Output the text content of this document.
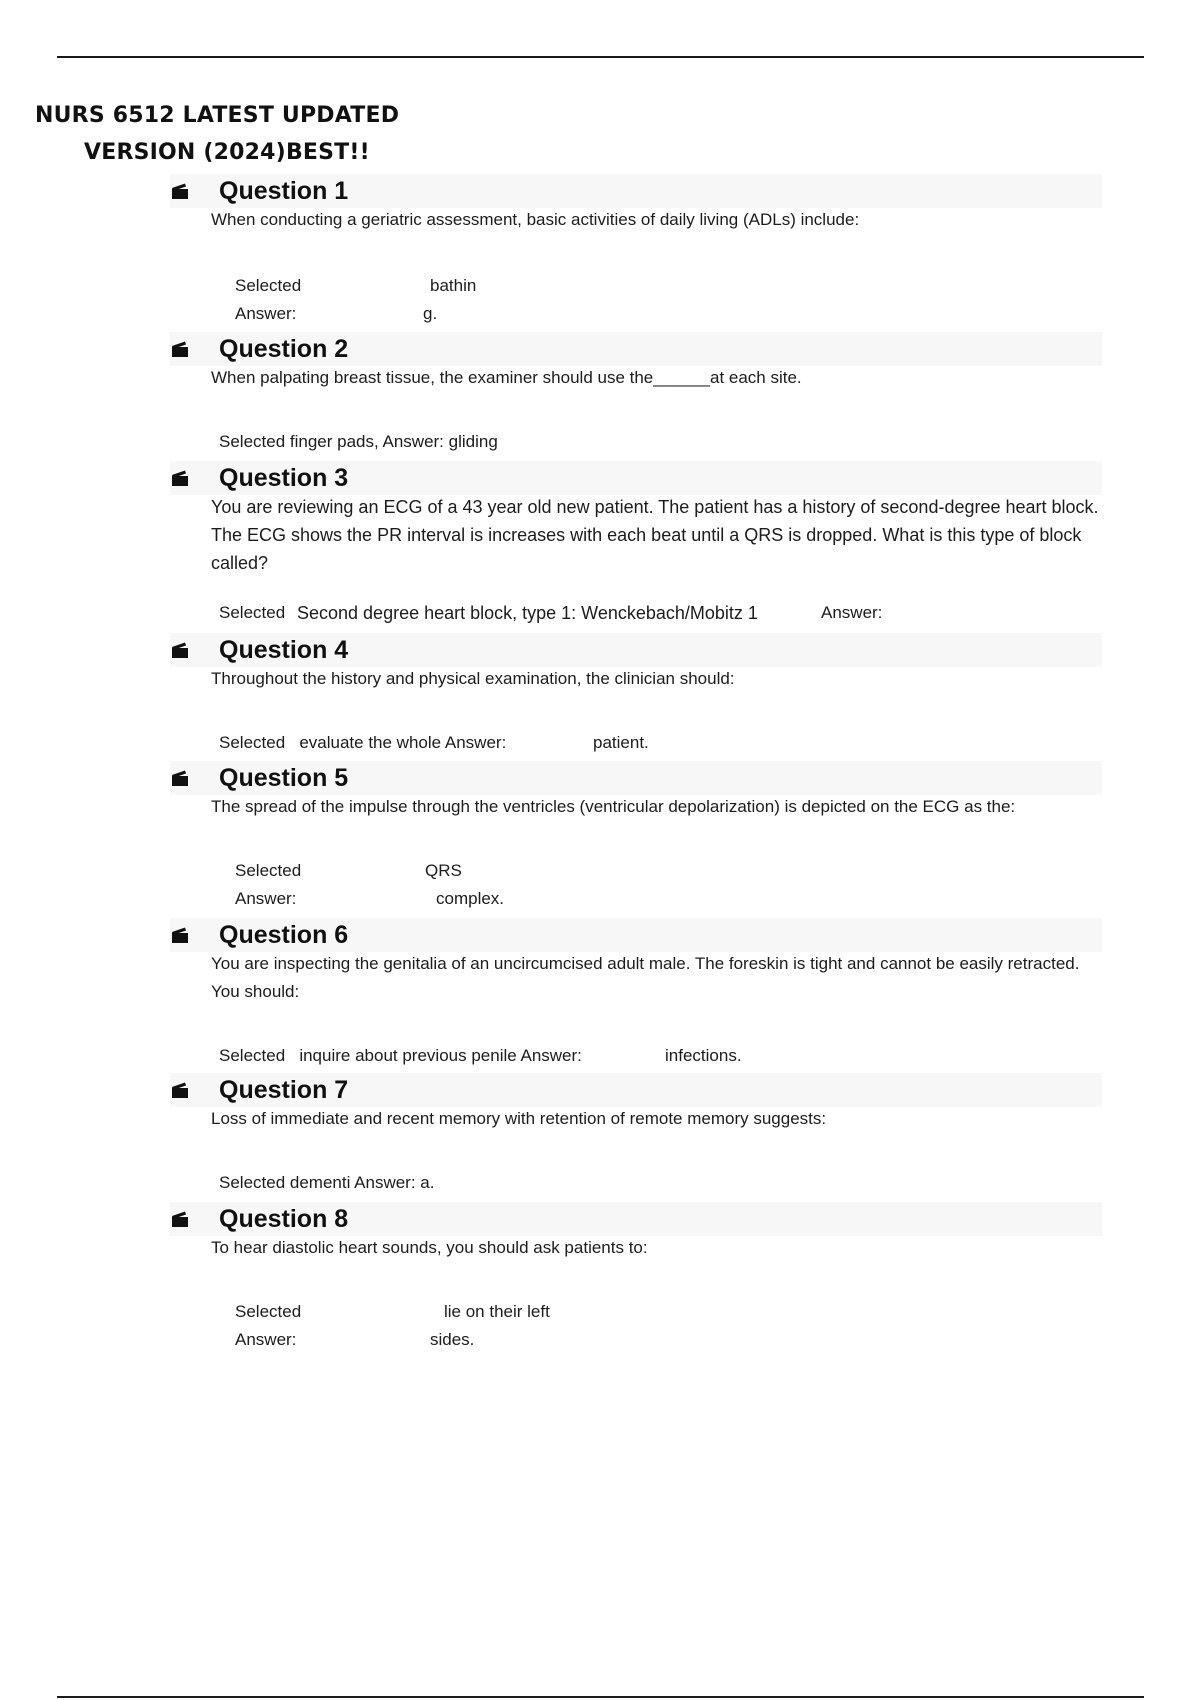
NURS 6512 LATEST UPDATED
VERSION (2024)BEST!!
Question 1
When conducting a geriatric assessment, basic activities of daily living (ADLs) include:
Selected	bathin
Answer:	g.
Question 2
When palpating breast tissue, the examiner should use the______at each site.
Selected finger pads, Answer: gliding
Question 3
You are reviewing an ECG of a 43 year old new patient. The patient has a history of second-degree heart block. The ECG shows the PR interval is increases with each beat until a QRS is dropped. What is this type of block called?
Selected Second degree heart block, type 1: Wenckebach/Mobitz 1	Answer:
Question 4
Throughout the history and physical examination, the clinician should:
Selected   evaluate the whole Answer:	patient.
Question 5
The spread of the impulse through the ventricles (ventricular depolarization) is depicted on the ECG as the:
Selected	QRS
Answer:	complex.
Question 6
You are inspecting the genitalia of an uncircumcised adult male. The foreskin is tight and cannot be easily retracted. You should:
Selected   inquire about previous penile Answer:	infections.
Question 7
Loss of immediate and recent memory with retention of remote memory suggests:
Selected dementi Answer: a.
Question 8
To hear diastolic heart sounds, you should ask patients to:
Selected	lie on their left
Answer:	sides.
